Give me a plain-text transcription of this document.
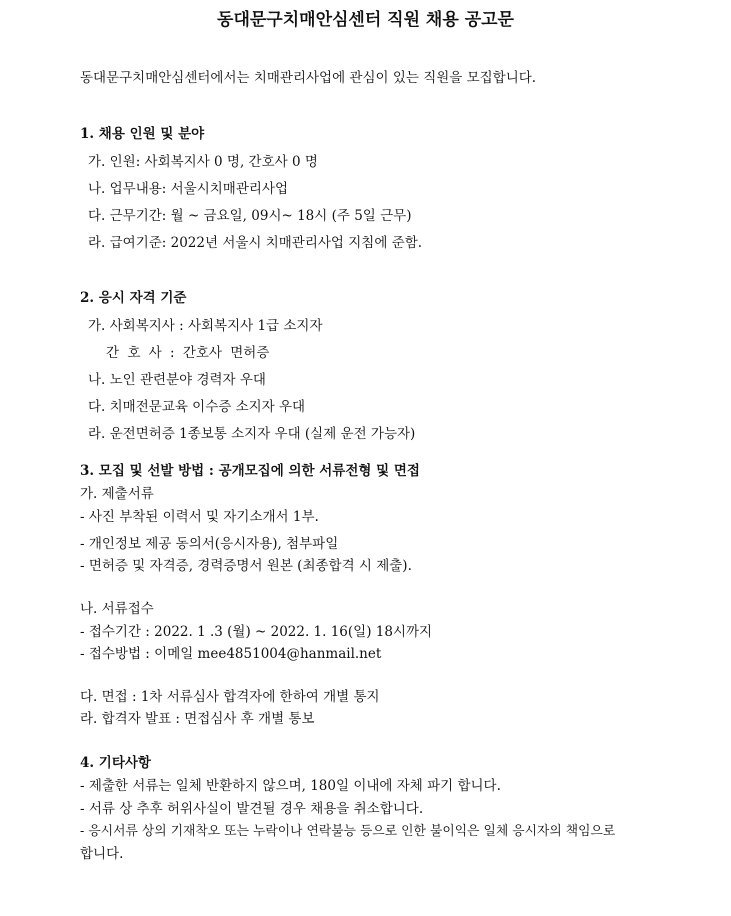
동대문구치매안심센터 직원 채용 공고문
동대문구치매안심센터에서는 치매관리사업에 관심이 있는 직원을 모집합니다.
1. 채용 인원 및 분야
가. 인원: 사회복지사 0 명, 간호사 0 명
나. 업무내용: 서울시치매관리사업
다. 근무기간: 월 ~ 금요일, 09시~ 18시 (주 5일 근무)
라. 급여기준: 2022년 서울시 치매관리사업 지침에 준함.
2. 응시 자격 기준
가. 사회복지사 : 사회복지사 1급 소지자
간 호 사 : 간호사 면허증
나. 노인 관련분야 경력자 우대
다. 치매전문교육 이수증 소지자 우대
라. 운전면허증 1종보통 소지자 우대 (실제 운전 가능자)
3. 모집 및 선발 방법 : 공개모집에 의한 서류전형 및 면접
가. 제출서류
- 사진 부착된 이력서 및 자기소개서 1부.
- 개인정보 제공 동의서(응시자용), 첨부파일
- 면허증 및 자격증, 경력증명서 원본 (최종합격 시 제출).
나. 서류접수
- 접수기간 : 2022. 1 .3 (월) ~ 2022. 1. 16(일) 18시까지
- 접수방법 : 이메일 mee4851004@hanmail.net
다. 면접 : 1차 서류심사 합격자에 한하여 개별 통지
라. 합격자 발표 : 면접심사 후 개별 통보
4. 기타사항
- 제출한 서류는 일체 반환하지 않으며, 180일 이내에 자체 파기 합니다.
- 서류 상 추후 허위사실이 발견될 경우 채용을 취소합니다.
- 응시서류 상의 기재착오 또는 누락이나 연락불능 등으로 인한 불이익은 일체 응시자의 책임으로
합니다.
